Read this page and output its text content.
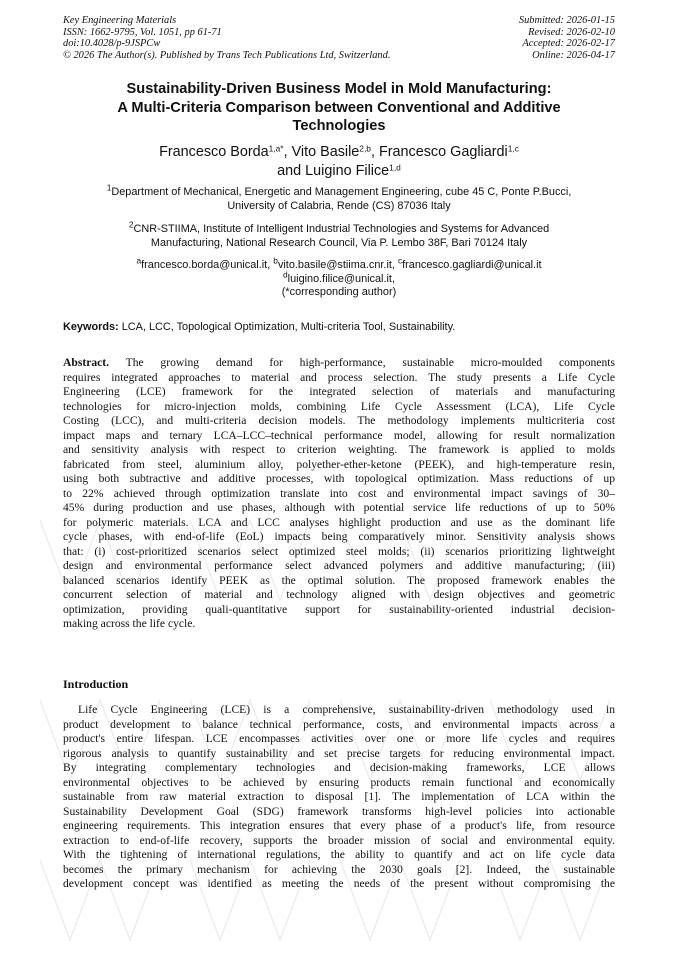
Key Engineering Materials
ISSN: 1662-9795, Vol. 1051, pp 61-71
doi:10.4028/p-9JSPCw
© 2026 The Author(s). Published by Trans Tech Publications Ltd, Switzerland.
Submitted: 2026-01-15
Revised: 2026-02-10
Accepted: 2026-02-17
Online: 2026-04-17
Sustainability-Driven Business Model in Mold Manufacturing:
A Multi-Criteria Comparison between Conventional and Additive
Technologies
Francesco Borda$^{1,a*}$, Vito Basile$^{2,b}$, Francesco Gagliardi$^{1,c}$
and Luigino Filice$^{1,d}$
$^1$Department of Mechanical, Energetic and Management Engineering, cube 45 C, Ponte P.Bucci,
University of Calabria, Rende (CS) 87036 Italy
$^2$CNR-STIIMA, Institute of Intelligent Industrial Technologies and Systems for Advanced
Manufacturing, National Research Council, Via P. Lembo 38F, Bari 70124 Italy
$^a$francesco.borda@unical.it, $^b$vito.basile@stiima.cnr.it, $^c$francesco.gagliardi@unical.it
$^d$luigino.filice@unical.it,
(*corresponding author)
Keywords: LCA, LCC, Topological Optimization, Multi-criteria Tool, Sustainability.
Abstract. The growing demand for high-performance, sustainable micro-moulded components
requires integrated approaches to material and process selection. The study presents a Life Cycle
Engineering (LCE) framework for the integrated selection of materials and manufacturing
technologies for micro-injection molds, combining Life Cycle Assessment (LCA), Life Cycle
Costing (LCC), and multi-criteria decision models. The methodology implements multicriteria cost
impact maps and ternary LCA–LCC–technical performance model, allowing for result normalization
and sensitivity analysis with respect to criterion weighting. The framework is applied to molds
fabricated from steel, aluminium alloy, polyether-ether-ketone (PEEK), and high-temperature resin,
using both subtractive and additive processes, with topological optimization. Mass reductions of up
to 22% achieved through optimization translate into cost and environmental impact savings of 30–
45% during production and use phases, although with potential service life reductions of up to 50%
for polymeric materials. LCA and LCC analyses highlight production and use as the dominant life
cycle phases, with end-of-life (EoL) impacts being comparatively minor. Sensitivity analysis shows
that: (i) cost-prioritized scenarios select optimized steel molds; (ii) scenarios prioritizing lightweight
design and environmental performance select advanced polymers and additive manufacturing; (iii)
balanced scenarios identify PEEK as the optimal solution. The proposed framework enables the
concurrent selection of material and technology aligned with design objectives and geometric
optimization, providing quali-quantitative support for sustainability-oriented industrial decision-
making across the life cycle.
Introduction
Life Cycle Engineering (LCE) is a comprehensive, sustainability-driven methodology used in
product development to balance technical performance, costs, and environmental impacts across a
product's entire lifespan. LCE encompasses activities over one or more life cycles and requires
rigorous analysis to quantify sustainability and set precise targets for reducing environmental impact.
By integrating complementary technologies and decision-making frameworks, LCE allows
environmental objectives to be achieved by ensuring products remain functional and economically
sustainable from raw material extraction to disposal [1]. The implementation of LCA within the
Sustainability Development Goal (SDG) framework transforms high-level policies into actionable
engineering requirements. This integration ensures that every phase of a product's life, from resource
extraction to end-of-life recovery, supports the broader mission of social and environmental equity.
With the tightening of international regulations, the ability to quantify and act on life cycle data
becomes the primary mechanism for achieving the 2030 goals [2]. Indeed, the sustainable
development concept was identified as meeting the needs of the present without compromising the
